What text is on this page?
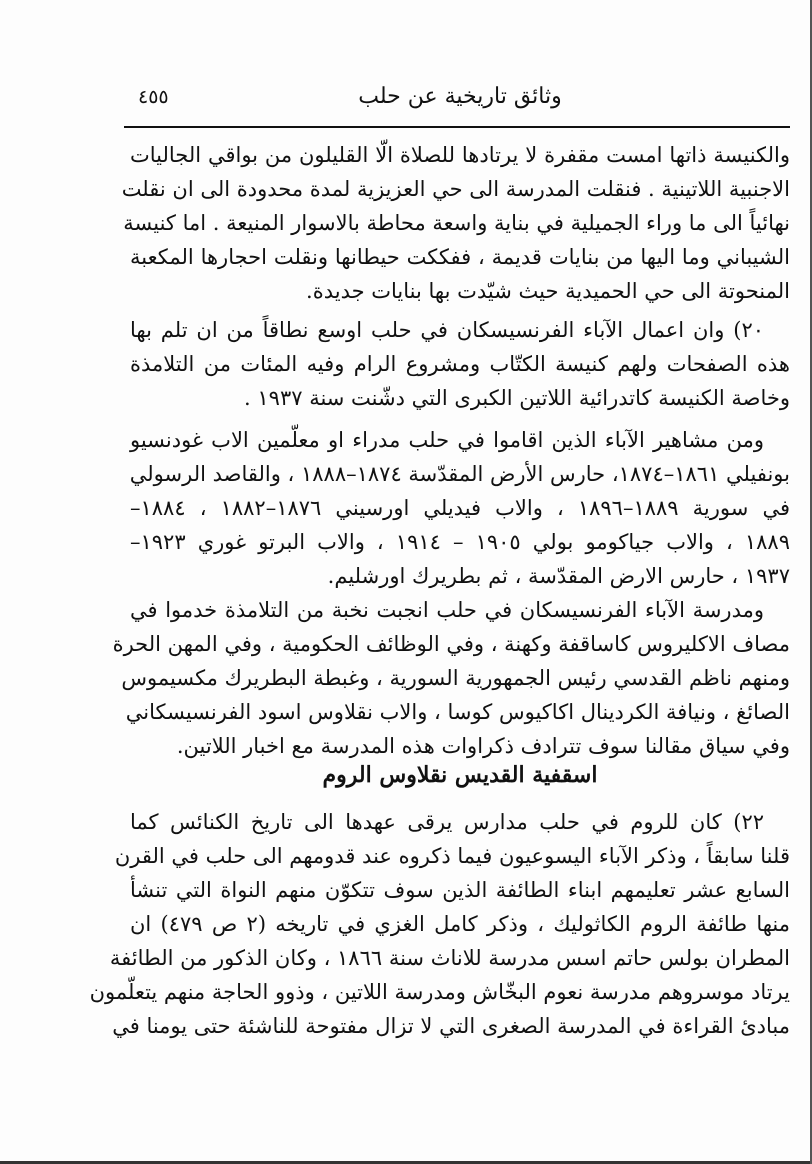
وثائق تاريخية عن حلب
٤٥٥
والكنيسة ذاتها امست مقفرة لا يرتادها للصلاة الّا القليلون من بواقي الجاليات
الاجنبية اللاتينية . فنقلت المدرسة الى حي العزيزية لمدة محدودة الى ان نقلت
نهائياً الى ما وراء الجميلية في بناية واسعة محاطة بالاسوار المنيعة . اما كنيسة
الشيباني وما اليها من بنايات قديمة ، ففككت حيطانها ونقلت احجارها المكعبة
المنحوتة الى حي الحميدية حيث شيّدت بها بنايات جديدة.
٢٠) وان اعمال الآباء الفرنسيسكان في حلب اوسع نطاقاً من ان تلم بها
هذه الصفحات ولهم كنيسة الكتّاب ومشروع الرام وفيه المئات من التلامذة
وخاصة الكنيسة كاتدرائية اللاتين الكبرى التي دشّنت سنة ١٩٣٧ .
ومن مشاهير الآباء الذين اقاموا في حلب مدراء او معلّمين الاب غودنسيو
بونفيلي ١٨٦١–١٨٧٤، حارس الأرض المقدّسة ١٨٧٤–١٨٨٨ ، والقاصد الرسولي
في سورية ١٨٨٩–١٨٩٦ ، والاب فيديلي اورسيني ١٨٧٦–١٨٨٢ ، ١٨٨٤–
١٨٨٩ ، والاب جياكومو بولي ١٩٠٥ – ١٩١٤ ، والاب البرتو غوري ١٩٢٣–
١٩٣٧ ، حارس الارض المقدّسة ، ثم بطريرك اورشليم.
ومدرسة الآباء الفرنسيسكان في حلب انجبت نخبة من التلامذة خدموا في
مصاف الاكليروس كاساقفة وكهنة ، وفي الوظائف الحكومية ، وفي المهن الحرة
ومنهم ناظم القدسي رئيس الجمهورية السورية ، وغبطة البطريرك مكسيموس
الصائغ ، ونيافة الكردينال اكاكيوس كوسا ، والاب نقلاوس اسود الفرنسيسكاني
وفي سياق مقالنا سوف تترادف ذكراوات هذه المدرسة مع اخبار اللاتين.
اسقفية القديس نقلاوس الروم
٢٢) كان للروم في حلب مدارس يرقى عهدها الى تاريخ الكنائس كما
قلنا سابقاً ، وذكر الآباء اليسوعيون فيما ذكروه عند قدومهم الى حلب في القرن
السابع عشر تعليمهم ابناء الطائفة الذين سوف تتكوّن منهم النواة التي تنشأ
منها طائفة الروم الكاثوليك ، وذكر كامل الغزي في تاريخه (٢ ص ٤٧٩) ان
المطران بولس حاتم اسس مدرسة للاناث سنة ١٨٦٦ ، وكان الذكور من الطائفة
يرتاد موسروهم مدرسة نعوم البخّاش ومدرسة اللاتين ، وذوو الحاجة منهم يتعلّمون
مبادئ القراءة في المدرسة الصغرى التي لا تزال مفتوحة للناشئة حتى يومنا في
